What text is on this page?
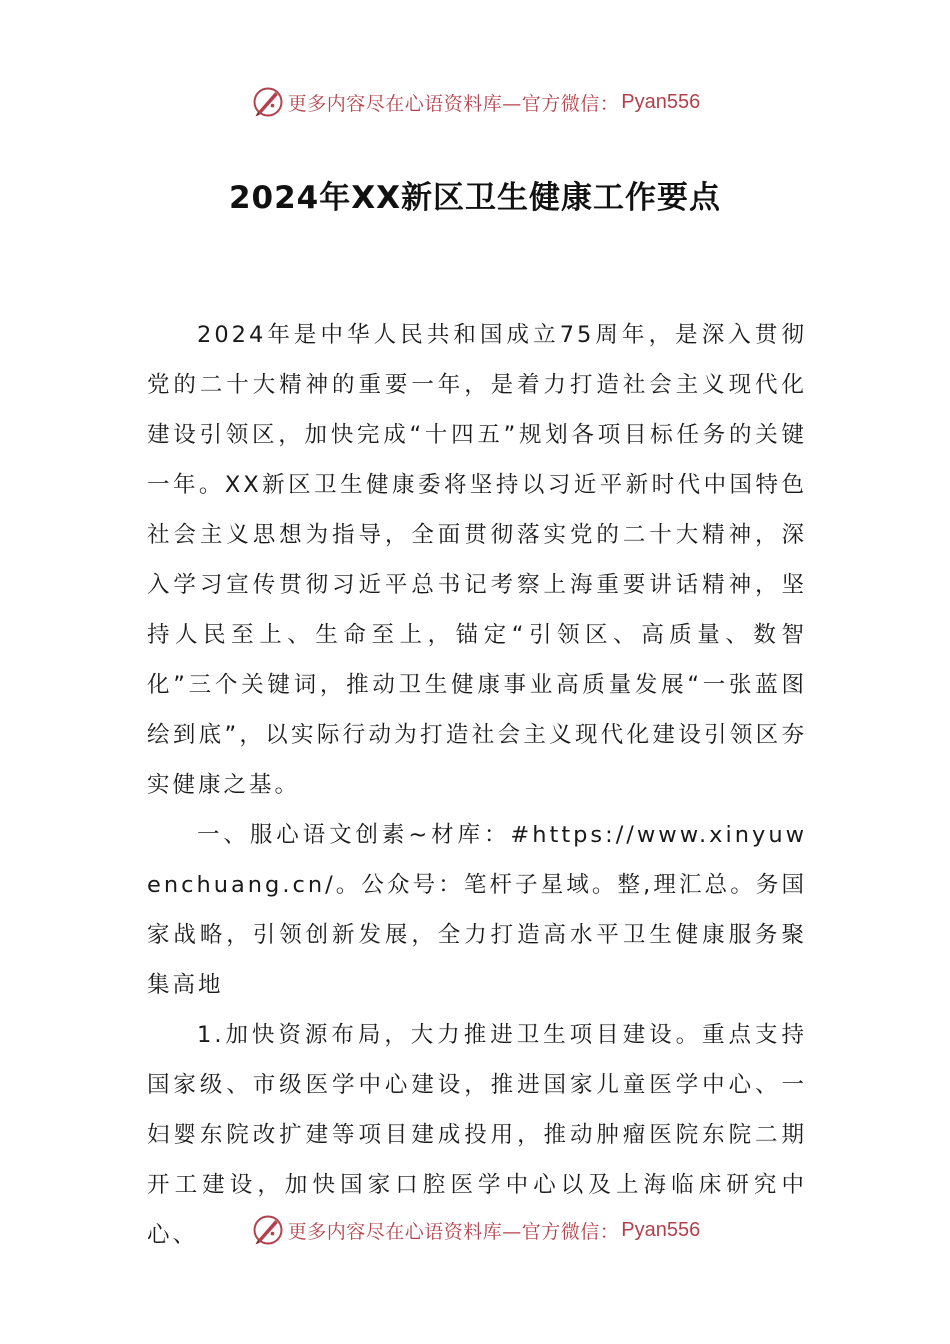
更多内容尽在心语资料库—官方微信： Pyan556
2024年XX新区卫生健康工作要点

2024年是中华人民共和国成立75周年，是深入贯彻党的二十大精神的重要一年，是着力打造社会主义现代化建设引领区，加快完成“十四五”规划各项目标任务的关键一年。XX新区卫生健康委将坚持以习近平新时代中国特色社会主义思想为指导，全面贯彻落实党的二十大精神，深入学习宣传贯彻习近平总书记考察上海重要讲话精神，坚持人民至上、生命至上，锚定“引领区、高质量、数智化”三个关键词，推动卫生健康事业高质量发展“一张蓝图绘到底”，以实际行动为打造社会主义现代化建设引领区夯实健康之基。

一、服心语文创素~材库：#https://www.xinyuwenchuang.cn/。公众号：笔杆子星域。整,理汇总。务国家战略，引领创新发展，全力打造高水平卫生健康服务聚集高地

1.加快资源布局，大力推进卫生项目建设。重点支持国家级、市级医学中心建设，推进国家儿童医学中心、一妇婴东院改扩建等项目建成投用，推动肿瘤医院东院二期开工建设，加快国家口腔医学中心以及上海临床研究中心、	更多内容尽在心语资料库—官方微信： Pyan556
